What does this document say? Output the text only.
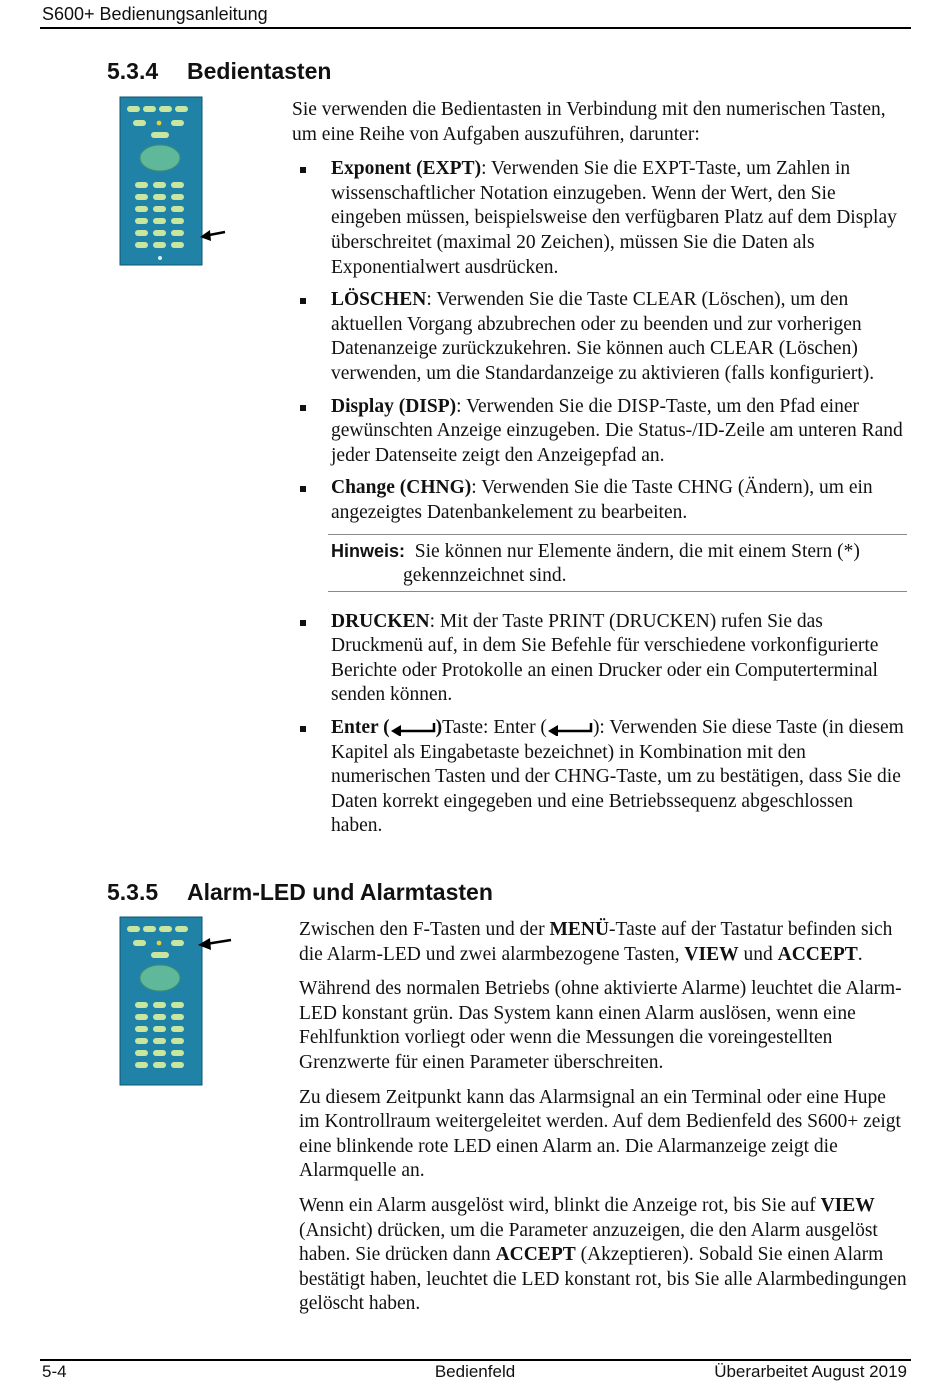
S600+ Bedienungsanleitung
5.3.4 Bedientasten

Sie verwenden die Bedientasten in Verbindung mit den numerischen Tasten, um eine Reihe von Aufgaben auszuführen, darunter:

Exponent (EXPT): Verwenden Sie die EXPT-Taste, um Zahlen in wissenschaftlicher Notation einzugeben. Wenn der Wert, den Sie eingeben müssen, beispielsweise den verfügbaren Platz auf dem Display überschreitet (maximal 20 Zeichen), müssen Sie die Daten als Exponentialwert ausdrücken.
LÖSCHEN: Verwenden Sie die Taste CLEAR (Löschen), um den aktuellen Vorgang abzubrechen oder zu beenden und zur vorherigen Datenanzeige zurückzukehren. Sie können auch CLEAR (Löschen) verwenden, um die Standardanzeige zu aktivieren (falls konfiguriert).
Display (DISP): Verwenden Sie die DISP-Taste, um den Pfad einer gewünschten Anzeige einzugeben. Die Status-/ID-Zeile am unteren Rand jeder Datenseite zeigt den Anzeigepfad an.
Change (CHNG): Verwenden Sie die Taste CHNG (Ändern), um ein angezeigtes Datenbankelement zu bearbeiten.
Hinweis: Sie können nur Elemente ändern, die mit einem Stern (*) gekennzeichnet sind.
DRUCKEN: Mit der Taste PRINT (DRUCKEN) rufen Sie das Druckmenü auf, in dem Sie Befehle für verschiedene vorkonfigurierte Berichte oder Protokolle an einen Drucker oder ein Computerterminal senden können.
Enter ( )Taste: Enter ( ): Verwenden Sie diese Taste (in diesem Kapitel als Eingabetaste bezeichnet) in Kombination mit den numerischen Tasten und der CHNG-Taste, um zu bestätigen, dass Sie die Daten korrekt eingegeben und eine Betriebssequenz abgeschlossen haben.
5.3.5 Alarm-LED und Alarmtasten

Zwischen den F-Tasten und der MENÜ-Taste auf der Tastatur befinden sich die Alarm-LED und zwei alarmbezogene Tasten, VIEW und ACCEPT.

Während des normalen Betriebs (ohne aktivierte Alarme) leuchtet die Alarm-LED konstant grün. Das System kann einen Alarm auslösen, wenn eine Fehlfunktion vorliegt oder wenn die Messungen die voreingestellten Grenzwerte für einen Parameter überschreiten.

Zu diesem Zeitpunkt kann das Alarmsignal an ein Terminal oder eine Hupe im Kontrollraum weitergeleitet werden. Auf dem Bedienfeld des S600+ zeigt eine blinkende rote LED einen Alarm an. Die Alarmanzeige zeigt die Alarmquelle an.

Wenn ein Alarm ausgelöst wird, blinkt die Anzeige rot, bis Sie auf VIEW (Ansicht) drücken, um die Parameter anzuzeigen, die den Alarm ausgelöst haben. Sie drücken dann ACCEPT (Akzeptieren). Sobald Sie einen Alarm bestätigt haben, leuchtet die LED konstant rot, bis Sie alle Alarmbedingungen gelöscht haben.

5-4	Bedienfeld	Überarbeitet August 2019
